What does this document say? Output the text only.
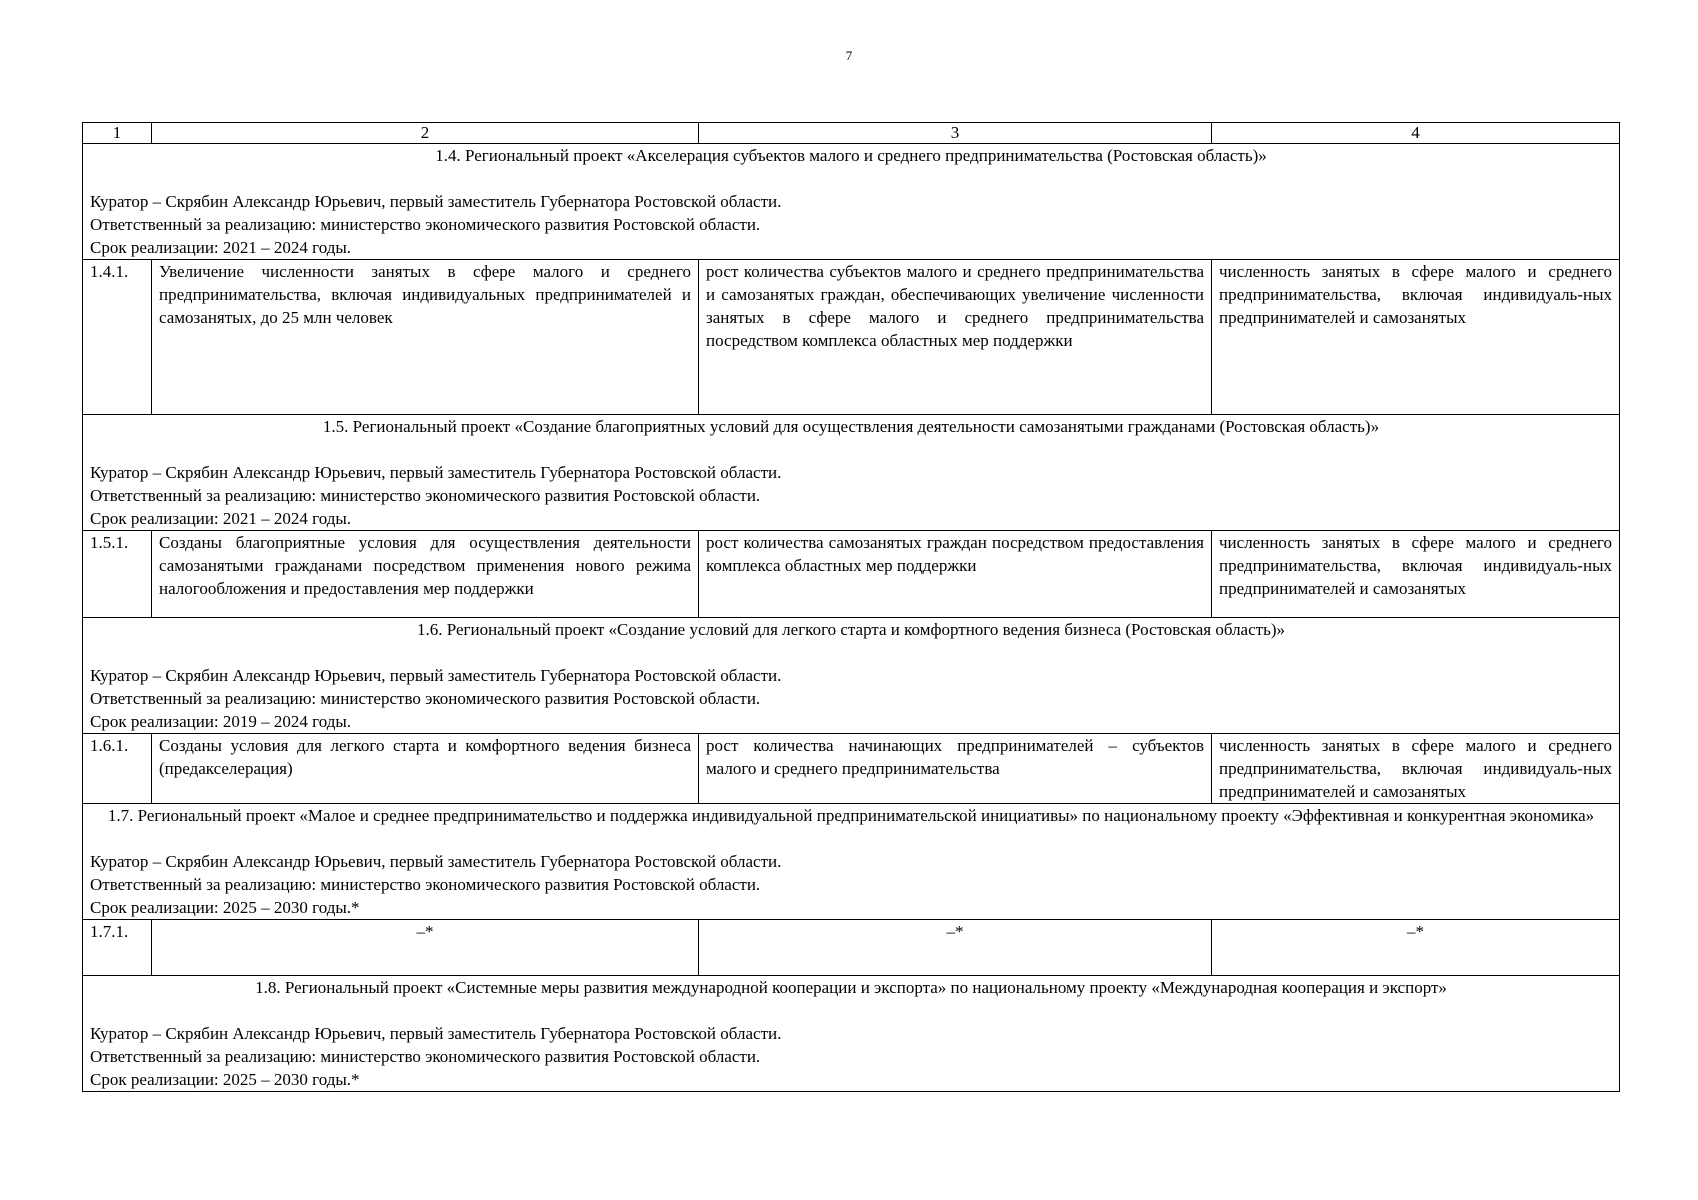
7
1	2	3	4

1.4. Региональный проект «Акселерация субъектов малого и среднего предпринимательства (Ростовская область)»
Куратор – Скрябин Александр Юрьевич, первый заместитель Губернатора Ростовской области.
Ответственный за реализацию: министерство экономического развития Ростовской области.
Срок реализации: 2021 – 2024 годы.			

1.4.1.	Увеличение численности занятых в сфере малого и среднего предпринимательства, включая индивидуальных предпринимателей и самозанятых, до 25 млн человек	рост количества субъектов малого и среднего предпринимательства и самозанятых граждан, обеспечивающих увеличение численности занятых в сфере малого и среднего предпринимательства посредством комплекса областных мер поддержки	численность занятых в сфере малого и среднего предпринимательства, включая индивидуаль-ных предпринимателей и самозанятых

1.5. Региональный проект «Создание благоприятных условий для осуществления деятельности самозанятыми гражданами (Ростовская область)»
Куратор – Скрябин Александр Юрьевич, первый заместитель Губернатора Ростовской области.
Ответственный за реализацию: министерство экономического развития Ростовской области.
Срок реализации: 2021 – 2024 годы.			

1.5.1.	Созданы благоприятные условия для осуществления деятельности самозанятыми гражданами посредством применения нового режима налогообложения и предоставления мер поддержки	рост количества самозанятых граждан посредством предоставления комплекса областных мер поддержки	численность занятых в сфере малого и среднего предпринимательства, включая индивидуаль-ных предпринимателей и самозанятых

1.6. Региональный проект «Создание условий для легкого старта и комфортного ведения бизнеса (Ростовская область)»
Куратор – Скрябин Александр Юрьевич, первый заместитель Губернатора Ростовской области.
Ответственный за реализацию: министерство экономического развития Ростовской области.
Срок реализации: 2019 – 2024 годы.			

1.6.1.	Созданы условия для легкого старта и комфортного ведения бизнеса (предакселерация)	рост количества начинающих предпринимателей – субъектов малого и среднего предпринимательства	численность занятых в сфере малого и среднего предпринимательства, включая индивидуаль-ных предпринимателей и самозанятых

1.7. Региональный проект «Малое и среднее предпринимательство и поддержка индивидуальной предпринимательской инициативы» по национальному проекту «Эффективная и конкурентная экономика»
Куратор – Скрябин Александр Юрьевич, первый заместитель Губернатора Ростовской области.
Ответственный за реализацию: министерство экономического развития Ростовской области.
Срок реализации: 2025 – 2030 годы.*			

1.7.1.	–*	–*	–*

1.8. Региональный проект «Системные меры развития международной кооперации и экспорта» по национальному проекту «Международная кооперация и экспорт»
Куратор – Скрябин Александр Юрьевич, первый заместитель Губернатора Ростовской области.
Ответственный за реализацию: министерство экономического развития Ростовской области.
Срок реализации: 2025 – 2030 годы.*			
